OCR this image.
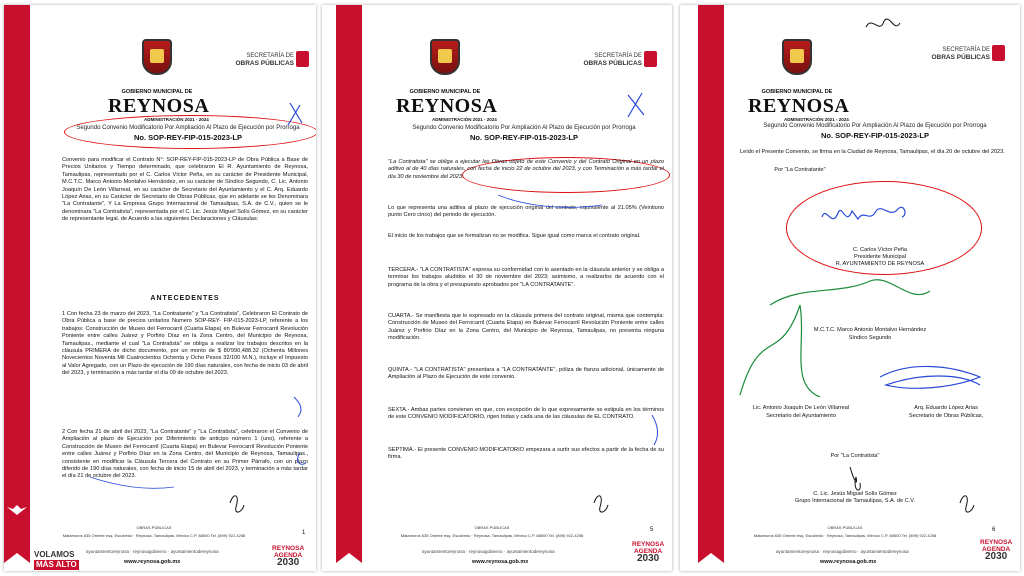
GOBIERNO MUNICIPAL DE
REYNOSA
ADMINISTRACIÓN 2021 - 2024
SECRETARÍA DE
OBRAS PÚBLICAS
Segundo Convenio Modificatorio Por Ampliación Al Plazo de Ejecución por Prorroga
No. SOP-REY-FIP-015-2023-LP
Convenio para modificar el Contrato N°: SOP-REY-FIP-015-2023-LP de Obra Pública a Base de Precios Unitarios y Tiempo determinado, que celebraron El R. Ayuntamiento de Reynosa, Tamaulipas, representado por el C. Carlos Víctor Peña, en su carácter de Presidente Municipal, M.C.T.C. Marco Antonio Montalvo Hernández, en su carácter de Síndico Segundo, C. Lic. Antonio Joaquín De León Villarreal, en su carácter de Secretario del Ayuntamiento y el C. Arq. Eduardo López Arias, en su Carácter de Secretario de Obras Públicas, que en adelante se les Denominara "La Contratante", Y La Empresa Grupo Internacional de Tamaulipas, S.A. de C.V., quien se le denominara "La Contratista", representada por el C. Lic. Jesús Miguel Solís Gómez, en su carácter de representante legal, de Acuerdo a las siguientes Declaraciones y Cláusulas:
ANTECEDENTES
1 Con fecha 23 de marzo del 2023, "La Contratante" y "La Contratista", Celebraron El Contrato de Obra Pública a base de precios unitarios Numero SOP-REY- FIP-015-2023-LP, referente a los trabajos: Construcción de Museo del Ferrocarril (Cuarta Etapa) en Bulevar Ferrocarril Revolución Poniente entre calles Juárez y Porfirio Díaz en la Zona Centro, del Municipio de Reynosa, Tamaulipas., mediante el cual "La Contratista" se obliga a realizar los trabajos descritos en la cláusula PRIMERA de dicho documento, por un monto de $ 80'990,488.32 (Ochenta Millones Novecientos Noventa Mil Cuatrocientos Ochenta y Ocho Pesos 32/100 M.N.), incluye el Impuesto al Valor Agregado, con un Plazo de ejecución de 190 días naturales, con fecha de inicio 03 de abril del 2023, y terminación a más tardar el día 09 de octubre del 2023.
2 Con fecha 21 de abril del 2023, "La Contratante" y "La Contratista", celebraron el Convenio de Ampliación al plazo de Ejecución por Diferimiento de anticipo número 1 (uno), referente a Construcción de Museo del Ferrocarril (Cuarta Etapa) en Bulevar Ferrocarril Revolución Poniente entre calles Juárez y Porfirio Díaz en la Zona Centro, del Municipio de Reynosa, Tamaulipas., consistente en modificar la Cláusula Tercera del Contrato en su Primer Párrafo, con un plazo diferido de 190 días naturales, con fecha de inicio 15 de abril del 2023, y terminación a más tardar el día 21 de octubre del 2023.
OBRAS PÚBLICAS
Matamoros 635 Oriente esq. Escobedo · Reynosa, Tamaulipas, México C.P. 88500 Tel. (899) 922-4258	1
ayuntamientoreynosa · reynosagobierno · ayuntamientodereynosa
www.reynosa.gob.mx
VOLAMOS
MÁS ALTO
REYNOSA
AGENDA
2030
GOBIERNO MUNICIPAL DE
REYNOSA
ADMINISTRACIÓN 2021 - 2024
SECRETARÍA DE
OBRAS PÚBLICAS
Segundo Convenio Modificatorio Por Ampliación Al Plazo de Ejecución por Prorroga
No. SOP-REY-FIP-015-2023-LP
"La Contratista" se obliga a ejecutar las Obras objeto de este Convenio y del Contrato Original en un plazo aditivo al de 40 días naturales, con fecha de inicio 22 de octubre del 2023, y con Terminación a más tardar el día 30 de noviembre del 2023.
Lo que representa una aditiva al plazo de ejecución original del contrato, equivalente al 21.05% (Veintiuno punto Cero cinco) del periodo de ejecución.
El inicio de los trabajos que se formalizan no se modifica. Sigue igual como marca el contrato original.
TERCERA.- "LA CONTRATISTA" expresa su conformidad con lo asentado en la cláusula anterior y se obliga a terminar los trabajos aludidos el 30 de noviembre del 2023; asimismo, a realizarlos de acuerdo con el programa de la obra y el presupuesto aprobados por "LA CONTRATANTE".
CUARTA.- Se manifiesta que lo expresado en la cláusula primera del contrato original, misma que contempla: Construcción de Museo del Ferrocarril (Cuarta Etapa) en Bulevar Ferrocarril Revolución Poniente entre calles Juárez y Porfirio Díaz en la Zona Centro, del Municipio de Reynosa, Tamaulipas, no presenta ninguna modificación.
QUINTA.- "LA CONTRATISTA" presentara a "LA CONTRATANTE", póliza de fianza adicional, únicamente de Ampliación al Plazo de Ejecución de este convenio.
SEXTA.- Ambas partes convienen en que, con excepción de lo que expresamente se estipula en los términos de este CONVENIO MODIFICATORIO, rigen todas y cada una de las cláusulas de EL CONTRATO.
SEPTIMA.- El presente CONVENIO MODIFICATORIO empezara a surtir sus efectos a partir de la fecha de su firma.
OBRAS PÚBLICAS
Matamoros 635 Oriente esq. Escobedo · Reynosa, Tamaulipas, México C.P. 88500 Tel. (899) 922-4258
5
ayuntamientoreynosa · reynosagobierno · ayuntamientodereynosa
www.reynosa.gob.mx
REYNOSA
AGENDA
2030
GOBIERNO MUNICIPAL DE
REYNOSA
ADMINISTRACIÓN 2021 - 2024
SECRETARÍA DE
OBRAS PÚBLICAS
Segundo Convenio Modificatorio Por Ampliación Al Plazo de Ejecución por Prorroga
No. SOP-REY-FIP-015-2023-LP
Leído el Presente Convenio, se firma en la Ciudad de Reynosa, Tamaulipas, el día 20 de octubre del 2023.
Por "La Contratante"
C. Carlos Víctor Peña
Presidente Municipal
R. AYUNTAMIENTO DE REYNOSA
M.C.T.C. Marco Antonio Montalvo Hernández
Síndico Segundo
Lic. Antonio Joaquín De León Villarreal
Secretario del Ayuntamiento
Arq. Eduardo López Arias
Secretario de Obras Públicas,
Por "La Contratista"
C. Lic. Jesús Miguel Solís Gómez
Grupo Internacional de Tamaulipas, S.A. de C.V.
OBRAS PÚBLICAS
Matamoros 635 Oriente esq. Escobedo · Reynosa, Tamaulipas, México C.P. 88500 Tel. (899) 922-4258
6
ayuntamientoreynosa · reynosagobierno · ayuntamientodereynosa
www.reynosa.gob.mx
REYNOSA
AGENDA
2030
